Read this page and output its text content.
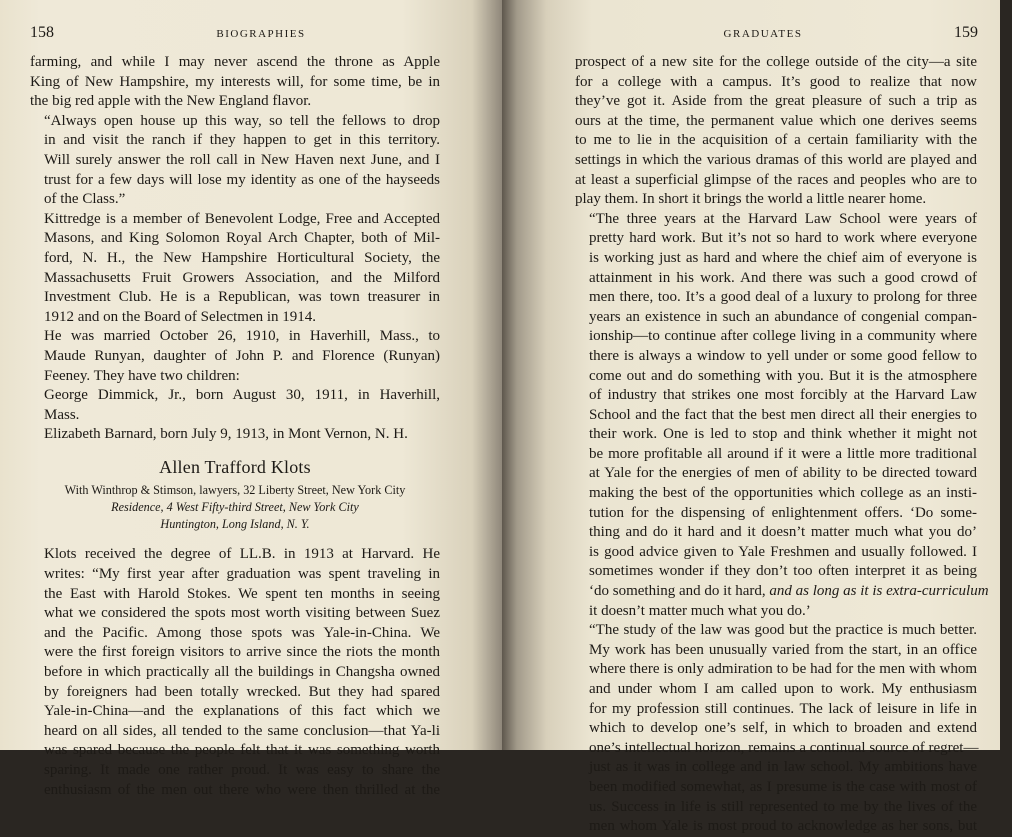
158	BIOGRAPHIES

farming, and while I may never ascend the throne as Apple
King of New Hampshire, my interests will, for some time, be in
the big red apple with the New England flavor.

“Always open house up this way, so tell the fellows to drop
in and visit the ranch if they happen to get in this territory.
Will surely answer the roll call in New Haven next June, and I
trust for a few days will lose my identity as one of the hayseeds
of the Class.”

Kittredge is a member of Benevolent Lodge, Free and Accepted
Masons, and King Solomon Royal Arch Chapter, both of Mil-
ford, N. H., the New Hampshire Horticultural Society, the
Massachusetts Fruit Growers Association, and the Milford
Investment Club. He is a Republican, was town treasurer in
1912 and on the Board of Selectmen in 1914.

He was married October 26, 1910, in Haverhill, Mass., to
Maude Runyan, daughter of John P. and Florence (Runyan)
Feeney. They have two children:

George Dimmick, Jr., born August 30, 1911, in Haverhill,
Mass.

Elizabeth Barnard, born July 9, 1913, in Mont Vernon, N. H.

Allen Trafford Klots
With Winthrop & Stimson, lawyers, 32 Liberty Street, New York City
Residence, 4 West Fifty-third Street, New York City
Huntington, Long Island, N. Y.

Klots received the degree of LL.B. in 1913 at Harvard. He
writes: “My first year after graduation was spent traveling in
the East with Harold Stokes. We spent ten months in seeing
what we considered the spots most worth visiting between Suez
and the Pacific. Among those spots was Yale-in-China. We
were the first foreign visitors to arrive since the riots the month
before in which practically all the buildings in Changsha owned
by foreigners had been totally wrecked. But they had spared
Yale-in-China—and the explanations of this fact which we
heard on all sides, all tended to the same conclusion—that Ya-li
was spared because the people felt that it was something worth
sparing. It made one rather proud. It was easy to share the
enthusiasm of the men out there who were then thrilled at the

GRADUATES	159

prospect of a new site for the college outside of the city—a site
for a college with a campus. It’s good to realize that now
they’ve got it. Aside from the great pleasure of such a trip as
ours at the time, the permanent value which one derives seems
to me to lie in the acquisition of a certain familiarity with the
settings in which the various dramas of this world are played and
at least a superficial glimpse of the races and peoples who are to
play them. In short it brings the world a little nearer home.

“The three years at the Harvard Law School were years of
pretty hard work. But it’s not so hard to work where everyone
is working just as hard and where the chief aim of everyone is
attainment in his work. And there was such a good crowd of
men there, too. It’s a good deal of a luxury to prolong for three
years an existence in such an abundance of congenial compan-
ionship—to continue after college living in a community where
there is always a window to yell under or some good fellow to
come out and do something with you. But it is the atmosphere
of industry that strikes one most forcibly at the Harvard Law
School and the fact that the best men direct all their energies to
their work. One is led to stop and think whether it might not
be more profitable all around if it were a little more traditional
at Yale for the energies of men of ability to be directed toward
making the best of the opportunities which college as an insti-
tution for the dispensing of enlightenment offers. ‘Do some-
thing and do it hard and it doesn’t matter much what you do’
is good advice given to Yale Freshmen and usually followed. I
sometimes wonder if they don’t too often interpret it as being
‘do something and do it hard, and as long as it is extra-curriculum
it doesn’t matter much what you do.’

“The study of the law was good but the practice is much better.
My work has been unusually varied from the start, in an office
where there is only admiration to be had for the men with whom
and under whom I am called upon to work. My enthusiasm
for my profession still continues. The lack of leisure in life in
which to develop one’s self, in which to broaden and extend
one’s intellectual horizon, remains a continual source of regret—
just as it was in college and in law school. My ambitions have
been modified somewhat, as I presume is the case with most of
us. Success in life is still represented to me by the lives of the
men whom Yale is most proud to acknowledge as her sons, but
